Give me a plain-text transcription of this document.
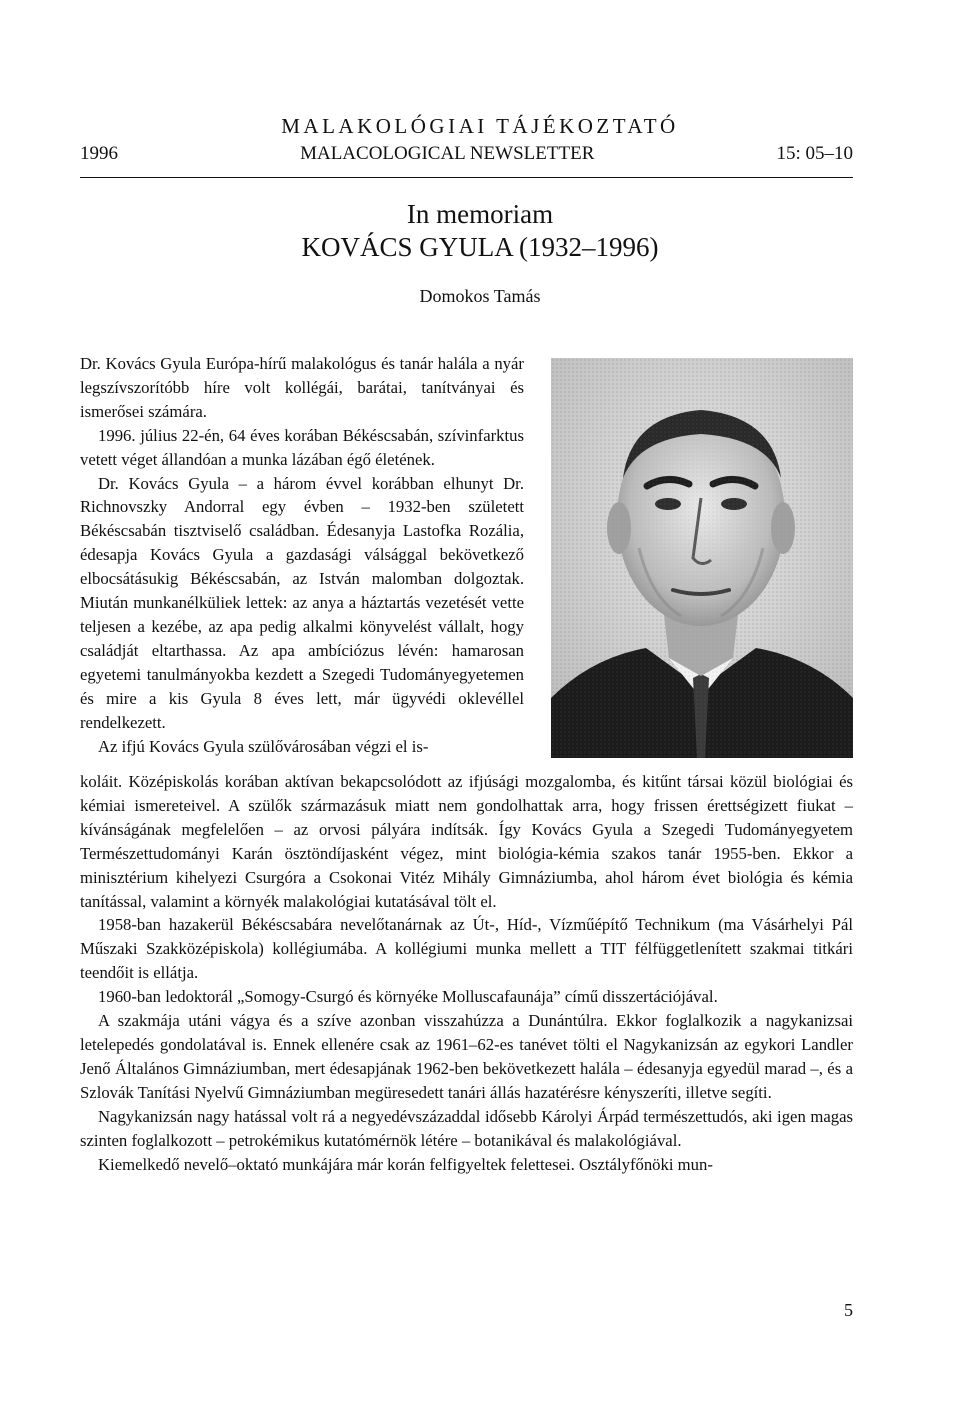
MALAKOLÓGIAI TÁJÉKOZTATÓ
1996	MALACOLOGICAL NEWSLETTER	15: 05–10
In memoriam
KOVÁCS GYULA (1932–1996)
Domokos Tamás

Dr. Kovács Gyula Európa-hírű malakológus és tanár halála a nyár legszívszorítóbb híre volt kollégái, barátai, tanítványai és ismerősei számára.

1996. július 22-én, 64 éves korában Békéscsabán, szívinfarktus vetett véget állandóan a munka lázában égő életének.

Dr. Kovács Gyula – a három évvel korábban elhunyt Dr. Richnovszky Andorral egy évben – 1932-ben született Békéscsabán tisztviselő családban. Édesanyja Lastofka Rozália, édesapja Kovács Gyula a gazdasági válsággal bekövetkező elbocsátásukig Békéscsabán, az István malomban dolgoztak. Miután munkanélküliek lettek: az anya a háztartás vezetését vette teljesen a kezébe, az apa pedig alkalmi könyvelést vállalt, hogy családját eltarthassa. Az apa ambíciózus lévén: hamarosan egyetemi tanulmányokba kezdett a Szegedi Tudományegyetemen és mire a kis Gyula 8 éves lett, már ügyvédi oklevéllel rendelkezett.

Az ifjú Kovács Gyula szülővárosában végzi el is-

koláit. Középiskolás korában aktívan bekapcsolódott az ifjúsági mozgalomba, és kitűnt társai közül biológiai és kémiai ismereteivel. A szülők származásuk miatt nem gondolhattak arra, hogy frissen érettségizett fiukat – kívánságának megfelelően – az orvosi pályára indítsák. Így Kovács Gyula a Szegedi Tudományegyetem Természettudományi Karán ösztöndíjasként végez, mint biológia-kémia szakos tanár 1955-ben. Ekkor a minisztérium kihelyezi Csurgóra a Csokonai Vitéz Mihály Gimnáziumba, ahol három évet biológia és kémia tanítással, valamint a környék malakológiai kutatásával tölt el.

1958-ban hazakerül Békéscsabára nevelőtanárnak az Út-, Híd-, Vízműépítő Technikum (ma Vásárhelyi Pál Műszaki Szakközépiskola) kollégiumába. A kollégiumi munka mellett a TIT félfüggetlenített szakmai titkári teendőit is ellátja.

1960-ban ledoktorál „Somogy-Csurgó és környéke Molluscafaunája” című disszertációjával.

A szakmája utáni vágya és a szíve azonban visszahúzza a Dunántúlra. Ekkor foglalkozik a nagykanizsai letelepedés gondolatával is. Ennek ellenére csak az 1961–62-es tanévet tölti el Nagykanizsán az egykori Landler Jenő Általános Gimnáziumban, mert édesapjának 1962-ben bekövetkezett halála – édesanyja egyedül marad –, és a Szlovák Tanítási Nyelvű Gimnáziumban megüresedett tanári állás hazatérésre kényszeríti, illetve segíti.

Nagykanizsán nagy hatással volt rá a negyedévszázaddal idősebb Károlyi Árpád természettudós, aki igen magas szinten foglalkozott – petrokémikus kutatómérnök létére – botanikával és malakológiával.

Kiemelkedő nevelő–oktató munkájára már korán felfigyeltek felettesei. Osztályfőnöki mun-

5
